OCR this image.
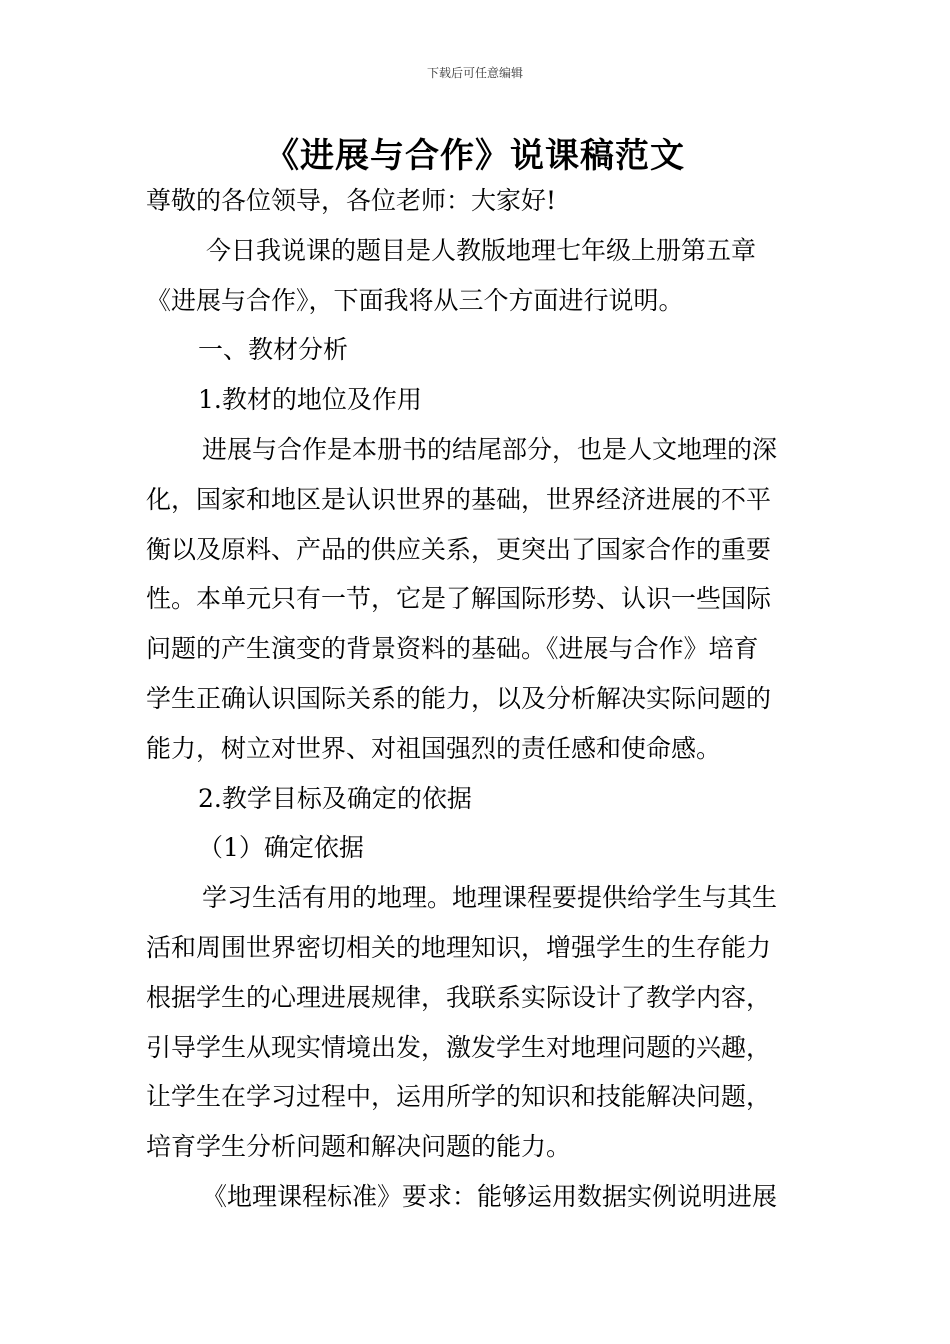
下载后可任意编辑
《进展与合作》说课稿范文
尊敬的各位领导，各位老师：大家好!
今日我说课的题目是人教版地理七年级上册第五章
《进展与合作》，下面我将从三个方面进行说明。
一、教材分析
1.教材的地位及作用
进展与合作是本册书的结尾部分，也是人文地理的深
化，国家和地区是认识世界的基础，世界经济进展的不平
衡以及原料、产品的供应关系，更突出了国家合作的重要
性。本单元只有一节，它是了解国际形势、认识一些国际
问题的产生演变的背景资料的基础。《进展与合作》培育
学生正确认识国际关系的能力，以及分析解决实际问题的
能力，树立对世界、对祖国强烈的责任感和使命感。
2.教学目标及确定的依据
（1）确定依据
学习生活有用的地理。地理课程要提供给学生与其生
活和周围世界密切相关的地理知识，增强学生的生存能力
根据学生的心理进展规律，我联系实际设计了教学内容，
引导学生从现实情境出发，激发学生对地理问题的兴趣，
让学生在学习过程中，运用所学的知识和技能解决问题，
培育学生分析问题和解决问题的能力。
《地理课程标准》要求：能够运用数据实例说明进展
